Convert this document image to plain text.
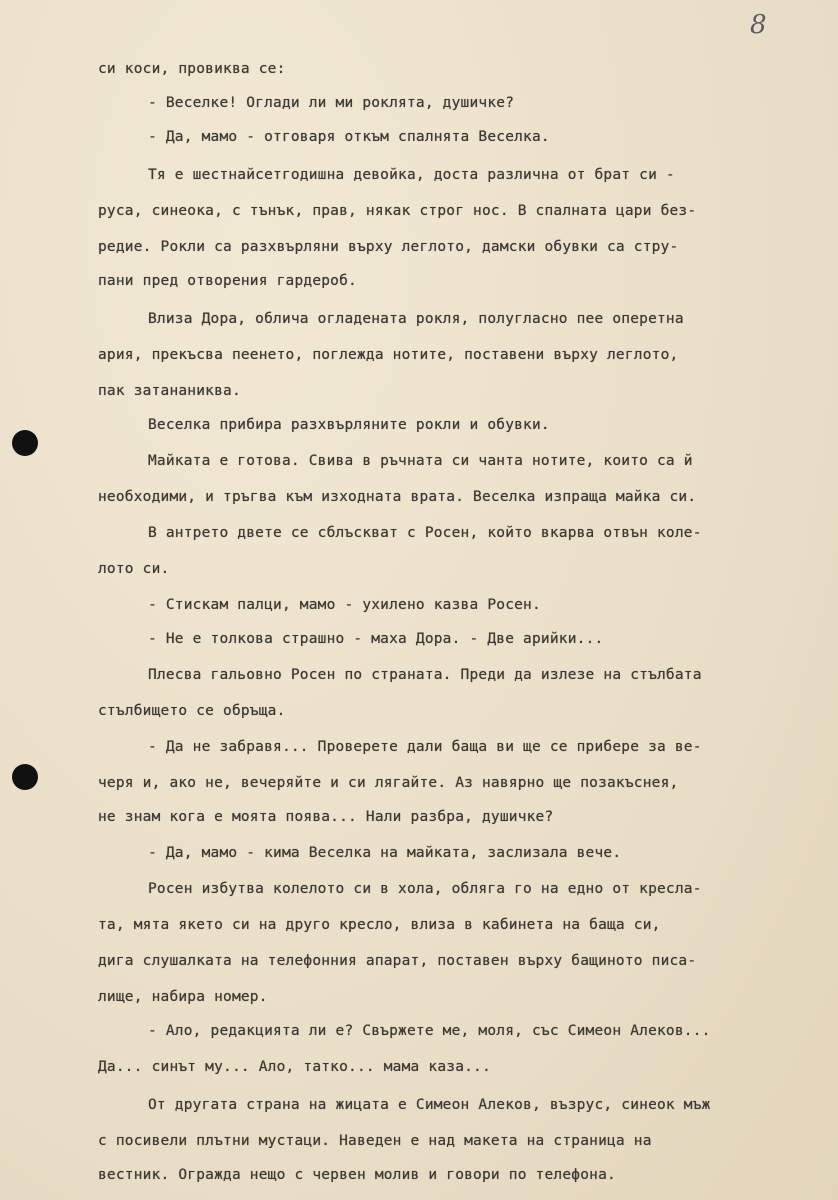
8
си коси, провиква се:
- Веселке! Оглади ли ми роклята, душичке?
- Да, мамо - отговаря откъм спалнята Веселка.
Тя е шестнайсетгодишна девойка, доста различна от брат си -
руса, синеока, с тънък, прав, някак строг нос. В спалната цари без-
редие. Рокли са разхвърляни върху леглото, дамски обувки са стру-
пани пред отворения гардероб.
Влиза Дора, облича огладената рокля, полугласно пее оперетна
ария, прекъсва пеенето, поглежда нотите, поставени върху леглото,
пак затананиква.
Веселка прибира разхвърляните рокли и обувки.
Майката е готова. Свива в ръчната си чанта нотите, които са й
необходими, и тръгва към изходната врата. Веселка изпраща майка си.
В антрето двете се сблъскват с Росен, който вкарва отвън коле-
лото си.
- Стискам палци, мамо - ухилено казва Росен.
- Не е толкова страшно - маха Дора. - Две арийки...
Плесва гальовно Росен по страната. Преди да излезе на стълбата
стълбището се обръща.
- Да не забравя... Проверете дали баща ви ще се прибере за ве-
черя и, ако не, вечеряйте и си лягайте. Аз навярно ще позакъснея,
не знам кога е моята поява... Нали разбра, душичке?
- Да, мамо - кима Веселка на майката, заслизала вече.
Росен избутва колелото си в хола, обляга го на едно от кресла-
та, мята якето си на друго кресло, влиза в кабинета на баща си,
дига слушалката на телефонния апарат, поставен върху бащиното писа-
лище, набира номер.
- Ало, редакцията ли е? Свържете ме, моля, със Симеон Алеков...
Да... синът му... Ало, татко... мама каза...
От другата страна на жицата е Симеон Алеков, възрус, синеок мъж
с посивели плътни мустаци. Наведен е над макета на страница на
вестник. Огражда нещо с червен молив и говори по телефона.
